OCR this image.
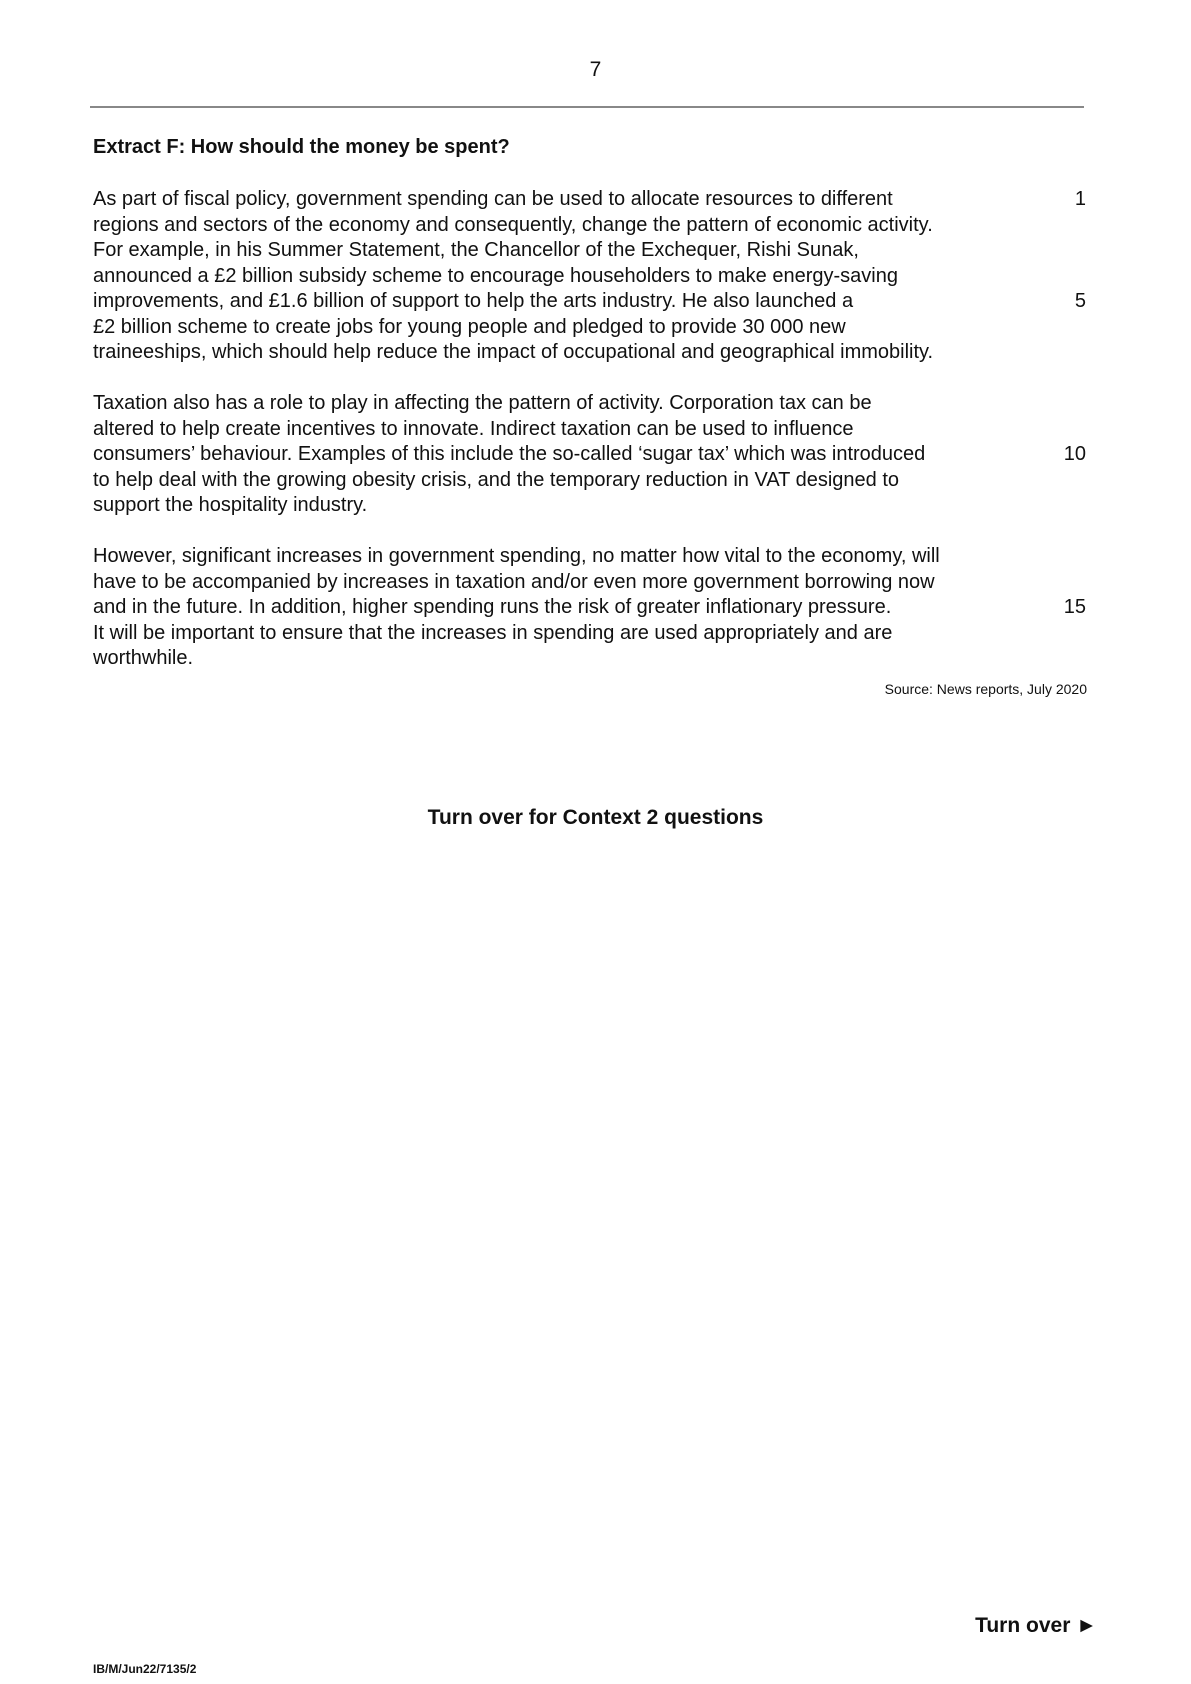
7
Extract F: How should the money be spent?
As part of fiscal policy, government spending can be used to allocate resources to different
regions and sectors of the economy and consequently, change the pattern of economic activity.
For example, in his Summer Statement, the Chancellor of the Exchequer, Rishi Sunak,
announced a £2 billion subsidy scheme to encourage householders to make energy-saving
improvements, and £1.6 billion of support to help the arts industry. He also launched a
£2 billion scheme to create jobs for young people and pledged to provide 30 000 new
traineeships, which should help reduce the impact of occupational and geographical immobility.
Taxation also has a role to play in affecting the pattern of activity. Corporation tax can be
altered to help create incentives to innovate. Indirect taxation can be used to influence
consumers’ behaviour. Examples of this include the so-called ‘sugar tax’ which was introduced
to help deal with the growing obesity crisis, and the temporary reduction in VAT designed to
support the hospitality industry.
However, significant increases in government spending, no matter how vital to the economy, will
have to be accompanied by increases in taxation and/or even more government borrowing now
and in the future. In addition, higher spending runs the risk of greater inflationary pressure.
It will be important to ensure that the increases in spending are used appropriately and are
worthwhile.
1
5
10
15
Source: News reports, July 2020
Turn over for Context 2 questions
Turn over ►
IB/M/Jun22/7135/2
